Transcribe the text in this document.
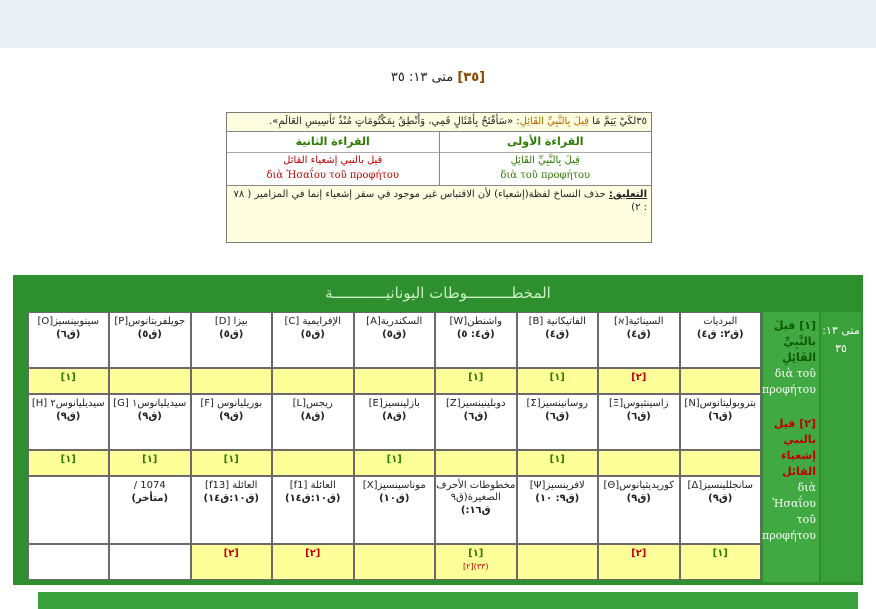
[٣٥] متى ١٣: ٣٥
٣٥لكَيْ يَتِمَّ مَا قِيلَ بِالنَّبِيِّ القَائِلِ: «سَأَفْتَحُ بِأَمْثَالٍ فَمِي، وَأَنْطِقُ بِمَكْتُومَاتٍ مُنْذُ تَأْسِيسِ العَالَمِ».
القراءة الأولى
قِيلَ بِالنَّبِيِّ القَائِلِ
διὰ τοῦ προφήτου
القراءة الثانية
قيل بالنبي إشعياء القائل
διὰ Ἠσαΐου τοῦ προφήτου
التعليق: حذف النساخ لفظة(إشعياء) لأن الاقتباس غير موجود في سفر إشعياء إنما في المزامير ( ٧٨ : ٢)
المخطــــــــــوطات اليونانيــــــــــــة
متى ١٣: ٣٥
[١] قيلَ بالنَّبِيِّ القَائِلِ
διὰ τοῦ προφήτου
[٢] قيل بالنبي إشعياء القائل
διὰ Ἠσαΐου τοῦ προφήτου
البرديات
(ق٢: ق٤)
السينائية[א]
(ق٤)
[٢]
الفاتيكانية [B]
(ق٤)
[١]
واشنطن[W]
(ق٤: ٥)
[١]
السكندرية[A]
(ق٥)
الإفرايمية [C]
(ق٥)
بيزا [D]
(ق٥)
جويلفربتانوس[P]
(ق٥)
سينوبينسيز[O]
(ق٦)
[١]
بتروبوليتانوس[N]
(ق٦)
زاسينثيوس[Ξ]
(ق٦)
روسانينسيز[Σ]
(ق٦)
[١]
دوبلينينسيز[Z]
(ق٦)
بازلينسيز[E]
(ق٨)
[١]
ريجس[L]
(ق٨)
بوريليانوس [F]
(ق٩)
[١]
سيديليانوس١ [G]
(ق٩)
[١]
سيديليانوس٢ [H]
(ق٩)
[١]
سانجللينسيز[Δ]
(ق٩)
[١]
كوريديثيانوس[Θ]
(ق٩)
[٢]
لافرينسيز[Ψ]
(ق٩: ١٠)
مخطوطات الأحرف الصغيرة(ق٩
ق١٦:)
[١]
(٣٣)[٢]
موناسينسيز[X]
(ق١٠)
العائلة [f1]
(ق١٠:ق١٤)
[٢]
العائلة [f13]
(ق١٠:ق١٤)
[٢]
1074 /
(متأخر)
